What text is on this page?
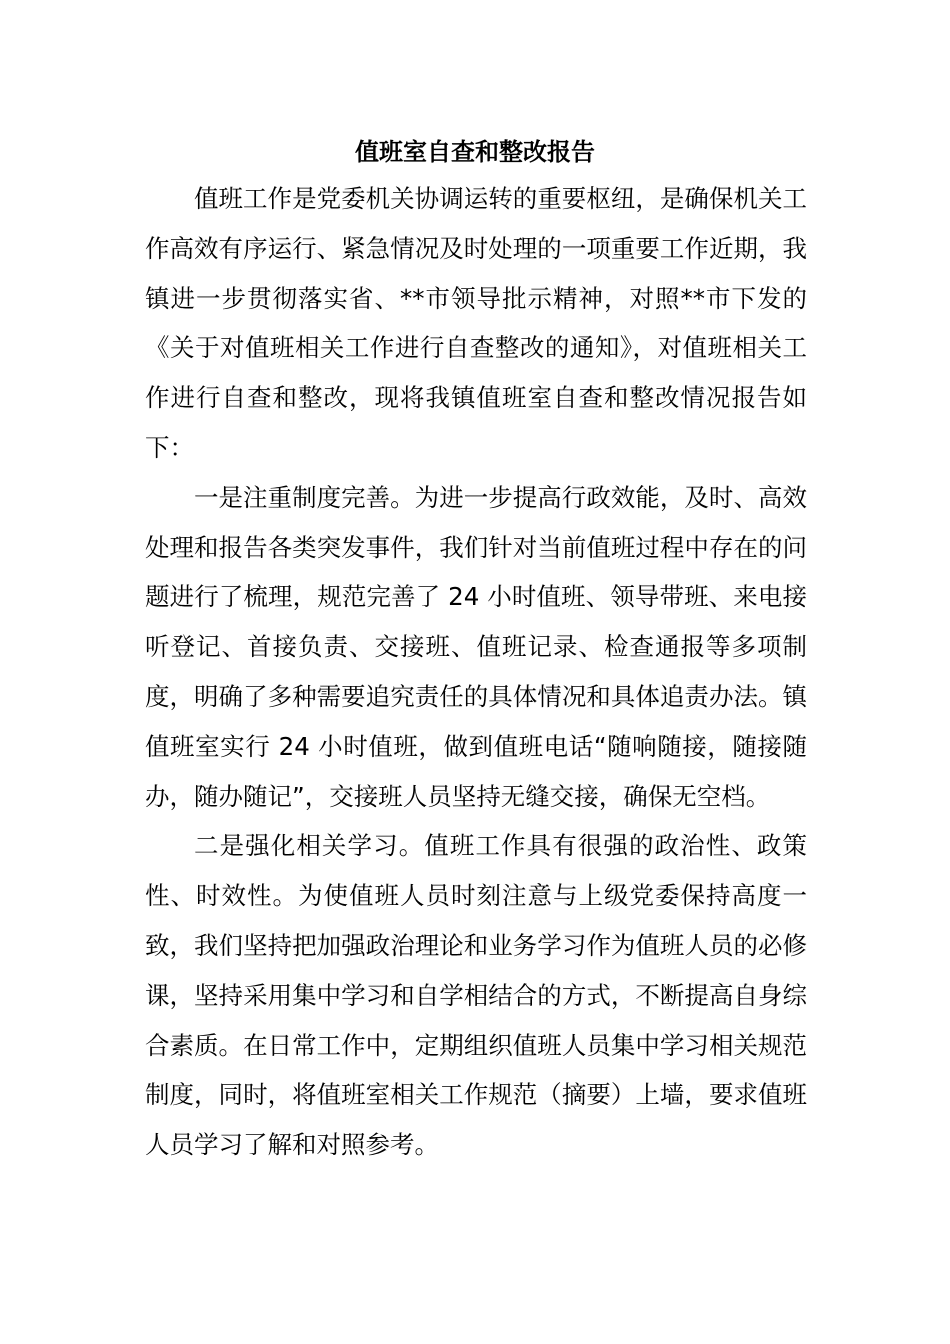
值班室自查和整改报告

值班工作是党委机关协调运转的重要枢纽，是确保机关工作高效有序运行、紧急情况及时处理的一项重要工作近期，我镇进一步贯彻落实省、**市领导批示精神，对照**市下发的《关于对值班相关工作进行自查整改的通知》，对值班相关工作进行自查和整改，现将我镇值班室自查和整改情况报告如下：

一是注重制度完善。为进一步提高行政效能，及时、高效处理和报告各类突发事件，我们针对当前值班过程中存在的问题进行了梳理，规范完善了 24 小时值班、领导带班、来电接听登记、首接负责、交接班、值班记录、检查通报等多项制度，明确了多种需要追究责任的具体情况和具体追责办法。镇值班室实行 24 小时值班，做到值班电话“随响随接，随接随办，随办随记”，交接班人员坚持无缝交接，确保无空档。

二是强化相关学习。值班工作具有很强的政治性、政策性、时效性。为使值班人员时刻注意与上级党委保持高度一致，我们坚持把加强政治理论和业务学习作为值班人员的必修课，坚持采用集中学习和自学相结合的方式，不断提高自身综合素质。在日常工作中，定期组织值班人员集中学习相关规范制度，同时，将值班室相关工作规范（摘要）上墙，要求值班人员学习了解和对照参考。
